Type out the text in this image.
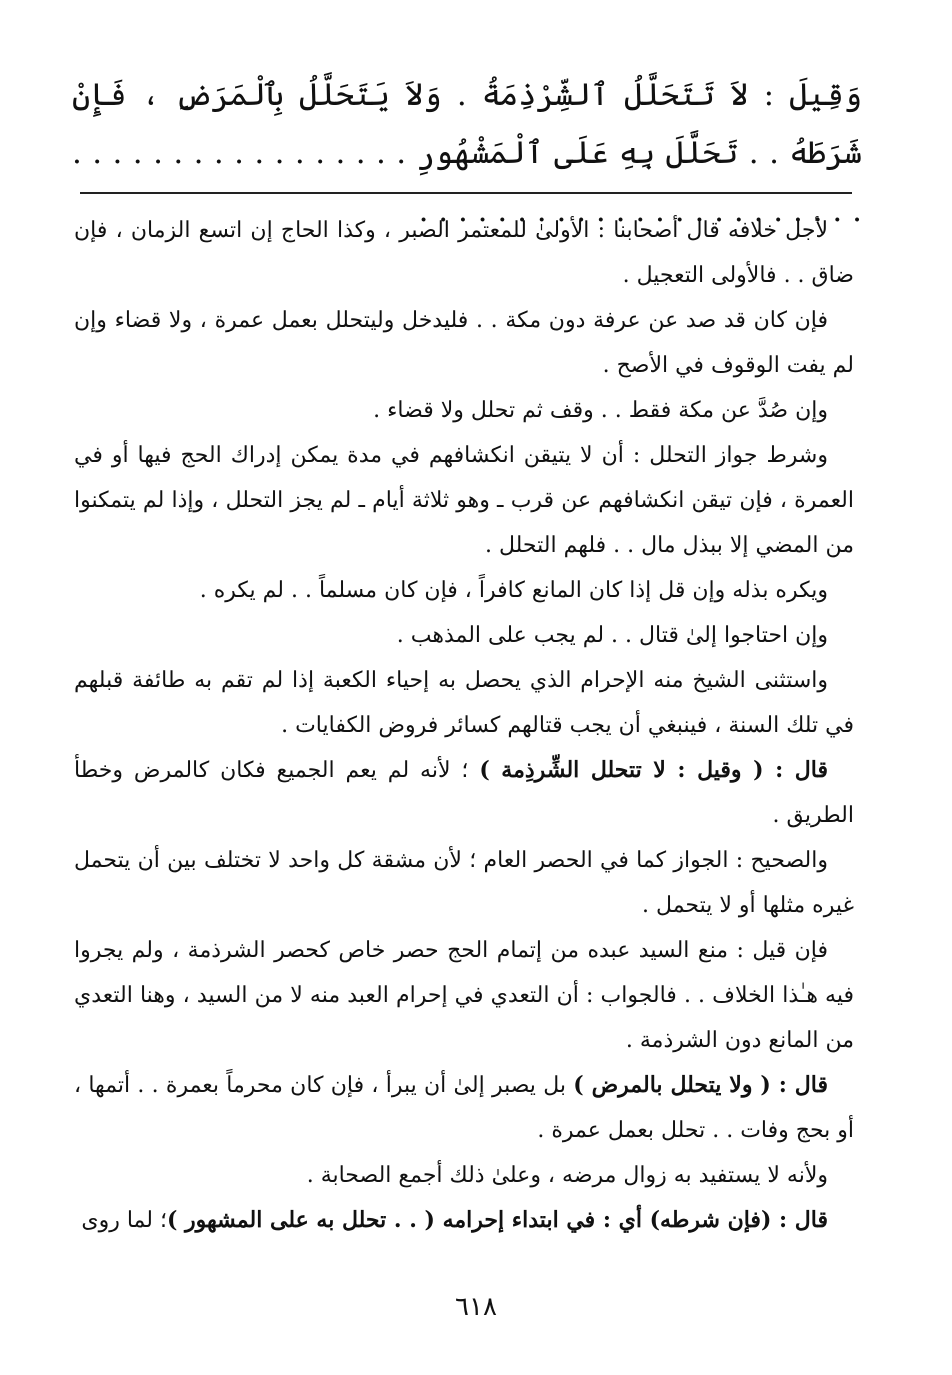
وَقِيلَ : لاَ تَتَحَلَّلُ ٱلشِّرْذِمَةُ . وَلاَ يَتَحَلَّلُ بِٱلْمَرَضِ ، فَإِنْ شَرَطَهُ . . تَحَلَّلَ بِهِ عَلَى ٱلْمَشْهُورِ . . . . . . . . . . . . . . . . . . . . . . . . . . . . . . . . . . . . . . . .

لأجل خلافه قال أصحابنا : الأولىٰ للمعتمر الصبر ، وكذا الحاج إن اتسع الزمان ، فإن ضاق . . فالأولى التعجيل .

فإن كان قد صد عن عرفة دون مكة . . فليدخل وليتحلل بعمل عمرة ، ولا قضاء وإن لم يفت الوقوف في الأصح .

وإن صُدَّ عن مكة فقط . . وقف ثم تحلل ولا قضاء .

وشرط جواز التحلل : أن لا يتيقن انكشافهم في مدة يمكن إدراك الحج فيها أو في العمرة ، فإن تيقن انكشافهم عن قرب ـ وهو ثلاثة أيام ـ لم يجز التحلل ، وإذا لم يتمكنوا من المضي إلا ببذل مال . . فلهم التحلل .

ويكره بذله وإن قل إذا كان المانع كافراً ، فإن كان مسلماً . . لم يكره .

وإن احتاجوا إلىٰ قتال . . لم يجب على المذهب .

واستثنى الشيخ منه الإحرام الذي يحصل به إحياء الكعبة إذا لم تقم به طائفة قبلهم في تلك السنة ، فينبغي أن يجب قتالهم كسائر فروض الكفايات .

قال : ( وقيل : لا تتحلل الشِّرذِمة ) ؛ لأنه لم يعم الجميع فكان كالمرض وخطأ الطريق .

والصحيح : الجواز كما في الحصر العام ؛ لأن مشقة كل واحد لا تختلف بين أن يتحمل غيره مثلها أو لا يتحمل .

فإن قيل : منع السيد عبده من إتمام الحج حصر خاص كحصر الشرذمة ، ولم يجروا فيه هـٰذا الخلاف . . فالجواب : أن التعدي في إحرام العبد منه لا من السيد ، وهنا التعدي من المانع دون الشرذمة .

قال : ( ولا يتحلل بالمرض ) بل يصبر إلىٰ أن يبرأ ، فإن كان محرماً بعمرة . . أتمها ، أو بحج وفات . . تحلل بعمل عمرة .

ولأنه لا يستفيد به زوال مرضه ، وعلىٰ ذلك أجمع الصحابة .

قال : (فإن شرطه) أي : في ابتداء إحرامه ( . . تحلل به على المشهور )؛ لما روى

٦١٨
